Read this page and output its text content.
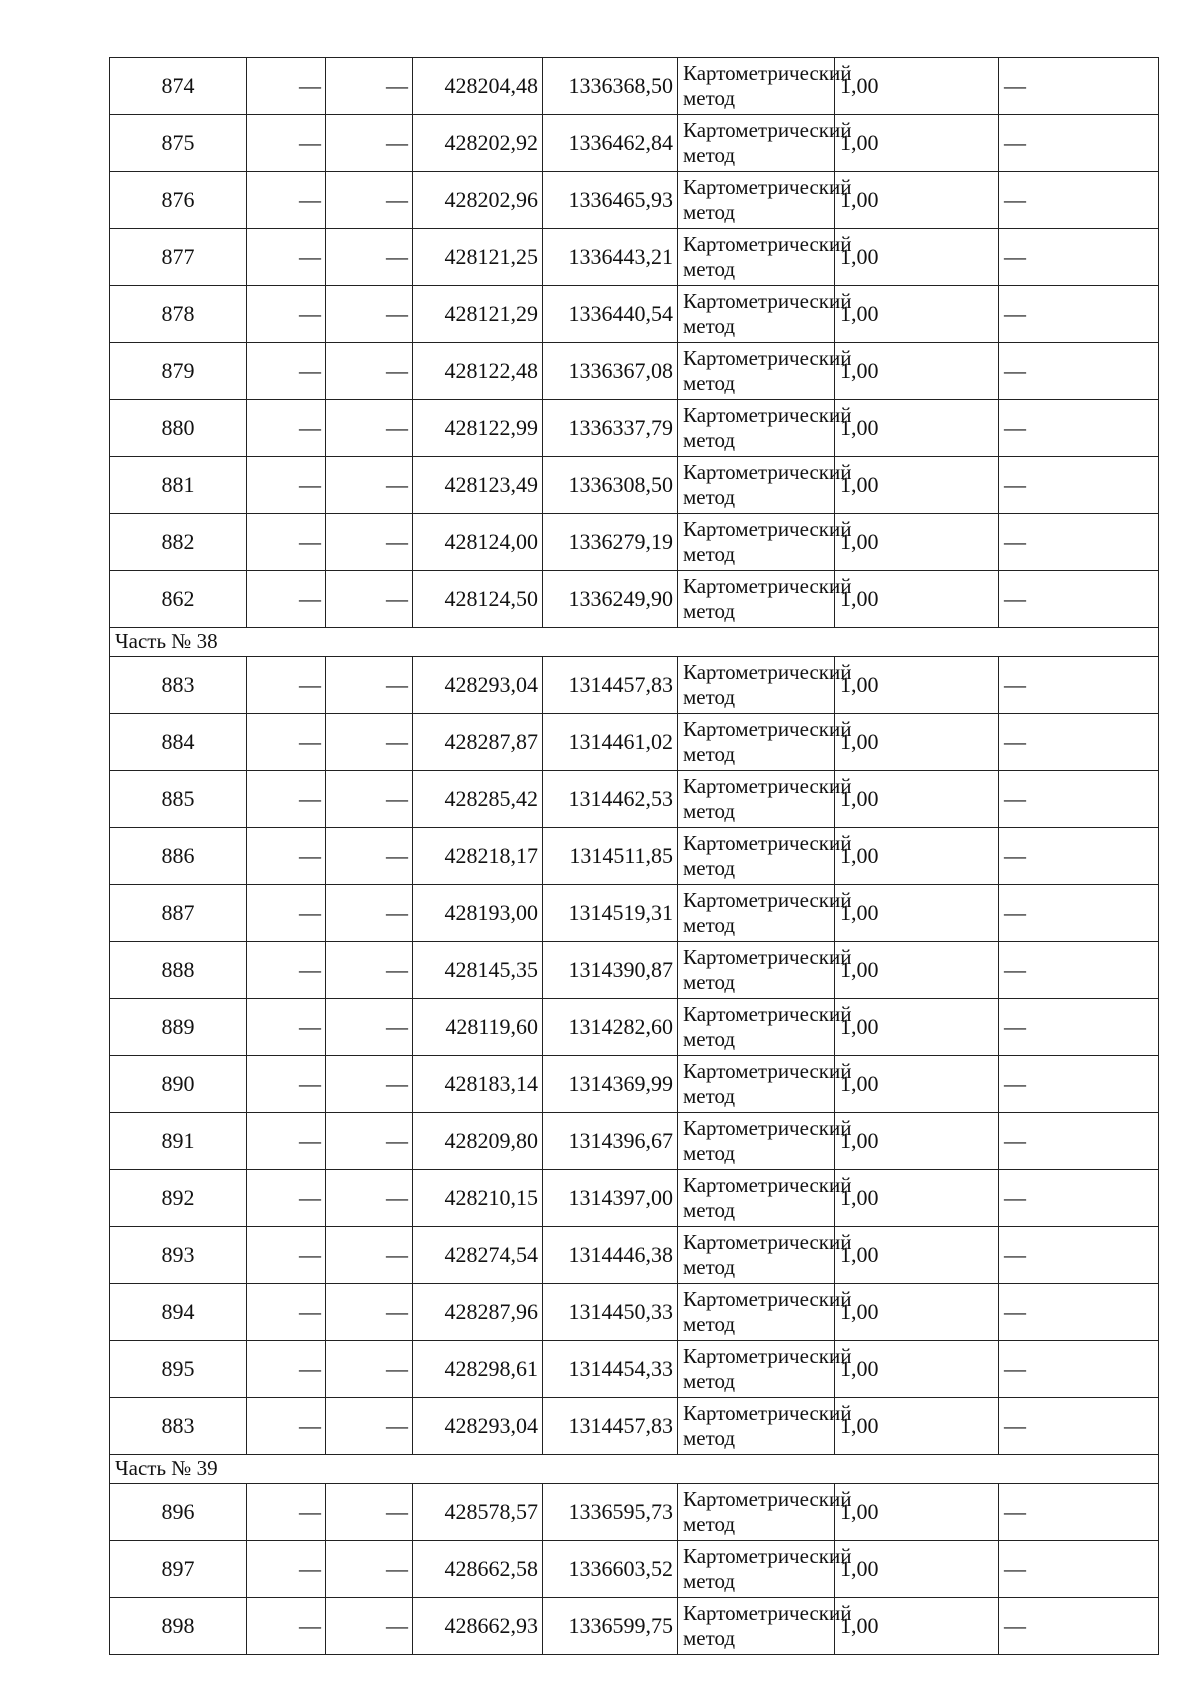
874	—	—	428204,48	1336368,50	Картометрический метод	1,00	—
875	—	—	428202,92	1336462,84	Картометрический метод	1,00	—
876	—	—	428202,96	1336465,93	Картометрический метод	1,00	—
877	—	—	428121,25	1336443,21	Картометрический метод	1,00	—
878	—	—	428121,29	1336440,54	Картометрический метод	1,00	—
879	—	—	428122,48	1336367,08	Картометрический метод	1,00	—
880	—	—	428122,99	1336337,79	Картометрический метод	1,00	—
881	—	—	428123,49	1336308,50	Картометрический метод	1,00	—
882	—	—	428124,00	1336279,19	Картометрический метод	1,00	—
862	—	—	428124,50	1336249,90	Картометрический метод	1,00	—
Часть № 38							
883	—	—	428293,04	1314457,83	Картометрический метод	1,00	—
884	—	—	428287,87	1314461,02	Картометрический метод	1,00	—
885	—	—	428285,42	1314462,53	Картометрический метод	1,00	—
886	—	—	428218,17	1314511,85	Картометрический метод	1,00	—
887	—	—	428193,00	1314519,31	Картометрический метод	1,00	—
888	—	—	428145,35	1314390,87	Картометрический метод	1,00	—
889	—	—	428119,60	1314282,60	Картометрический метод	1,00	—
890	—	—	428183,14	1314369,99	Картометрический метод	1,00	—
891	—	—	428209,80	1314396,67	Картометрический метод	1,00	—
892	—	—	428210,15	1314397,00	Картометрический метод	1,00	—
893	—	—	428274,54	1314446,38	Картометрический метод	1,00	—
894	—	—	428287,96	1314450,33	Картометрический метод	1,00	—
895	—	—	428298,61	1314454,33	Картометрический метод	1,00	—
883	—	—	428293,04	1314457,83	Картометрический метод	1,00	—
Часть № 39							
896	—	—	428578,57	1336595,73	Картометрический метод	1,00	—
897	—	—	428662,58	1336603,52	Картометрический метод	1,00	—
898	—	—	428662,93	1336599,75	Картометрический метод	1,00	—
